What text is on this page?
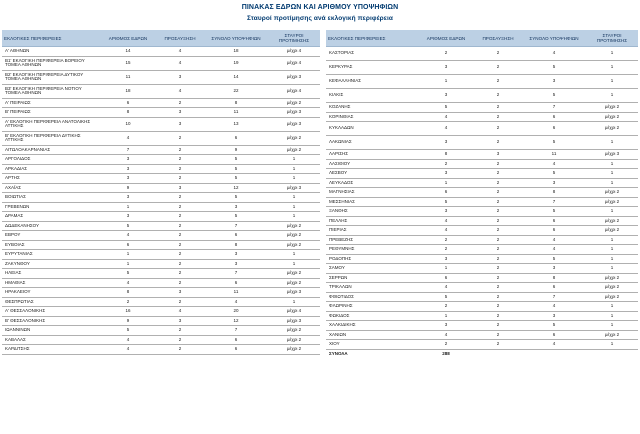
ΠΙΝΑΚΑΣ ΕΔΡΩΝ ΚΑΙ ΑΡΙΘΜΟΥ ΥΠΟΨΗΦΙΩΝ
Σταυροί προτίμησης ανά εκλογική περιφέρεια
ΕΚΛΟΓΙΚΕΣ ΠΕΡΙΦΕΡΕΙΕΣ	ΑΡΙΘΜΟΣ ΕΔΡΩΝ	ΠΡΟΣΑΥΞΗΣΗ	ΣΥΝΟΛΟ ΥΠΟΨΗΦΙΩΝ	ΣΤΑΥΡΟΙ ΠΡΟΤΙΜΗΣΗΣ
Α' ΑΘΗΝΩΝ	14	4	18	μέχρι 4
Β1' ΕΚΛΟΓΙΚΗ ΠΕΡΙΦΕΡΕΙΑ ΒΟΡΕΙΟΥ ΤΟΜΕΑ ΑΘΗΝΩΝ	15	4	19	μέχρι 4
Β2' ΕΚΛΟΓΙΚΗ ΠΕΡΙΦΕΡΕΙΑ ΔΥΤΙΚΟΥ ΤΟΜΕΑ ΑΘΗΝΩΝ	11	3	14	μέχρι 3
Β3' ΕΚΛΟΓΙΚΗ ΠΕΡΙΦΕΡΕΙΑ ΝΟΤΙΟΥ ΤΟΜΕΑ ΑΘΗΝΩΝ	18	4	22	μέχρι 4
Α' ΠΕΙΡΑΙΩΣ	6	2	8	μέχρι 2
Β' ΠΕΙΡΑΙΩΣ	8	3	11	μέχρι 3
Α' ΕΚΛΟΓΙΚΗ ΠΕΡΙΦΕΡΕΙΑ ΑΝΑΤΟΛΙΚΗΣ ΑΤΤΙΚΗΣ	10	3	13	μέχρι 3
Β' ΕΚΛΟΓΙΚΗ ΠΕΡΙΦΕΡΕΙΑ ΔΥΤΙΚΗΣ ΑΤΤΙΚΗΣ	4	2	6	μέχρι 2
ΑΙΤΩΛΟΑΚΑΡΝΑΝΙΑΣ	7	2	9	μέχρι 2
ΑΡΓΟΛΙΔΟΣ	3	2	5	1
ΑΡΚΑΔΙΑΣ	3	2	5	1
ΑΡΤΗΣ	3	2	5	1
ΑΧΑΪΑΣ	9	3	12	μέχρι 3
ΒΟΙΩΤΙΑΣ	3	2	5	1
ΓΡΕΒΕΝΩΝ	1	2	3	1
ΔΡΑΜΑΣ	3	2	5	1
ΔΩΔΕΚΑΝΗΣΟΥ	5	2	7	μέχρι 2
ΕΒΡΟΥ	4	2	6	μέχρι 2
ΕΥΒΟΙΑΣ	6	2	8	μέχρι 2
ΕΥΡΥΤΑΝΙΑΣ	1	2	3	1
ΖΑΚΥΝΘΟΥ	1	2	3	1
ΗΛΕΙΑΣ	5	2	7	μέχρι 2
ΗΜΑΘΙΑΣ	4	2	6	μέχρι 2
ΗΡΑΚΛΕΙΟΥ	8	3	11	μέχρι 3
ΘΕΣΠΡΩΤΙΑΣ	2	2	4	1
Α' ΘΕΣΣΑΛΟΝΙΚΗΣ	16	4	20	μέχρι 4
Β' ΘΕΣΣΑΛΟΝΙΚΗΣ	9	3	12	μέχρι 3
ΙΩΑΝΝΙΝΩΝ	5	2	7	μέχρι 2
ΚΑΒΑΛΑΣ	4	2	6	μέχρι 2
ΚΑΡΔΙΤΣΗΣ	4	2	6	μέχρι 2
ΕΚΛΟΓΙΚΕΣ ΠΕΡΙΦΕΡΕΙΕΣ	ΑΡΙΘΜΟΣ ΕΔΡΩΝ	ΠΡΟΣΑΥΞΗΣΗ	ΣΥΝΟΛΟ ΥΠΟΨΗΦΙΩΝ	ΣΤΑΥΡΟΙ ΠΡΟΤΙΜΗΣΗΣ
ΚΑΣΤΟΡΙΑΣ	2	2	4	1
ΚΕΡΚΥΡΑΣ	3	2	5	1
ΚΕΦΑΛΛΗΝΙΑΣ	1	2	3	1
ΚΙΛΚΙΣ	3	2	5	1
ΚΟΖΑΝΗΣ	5	2	7	μέχρι 2
ΚΟΡΙΝΘΙΑΣ	4	2	6	μέχρι 2
ΚΥΚΛΑΔΩΝ	4	2	6	μέχρι 2
ΛΑΚΩΝΙΑΣ	3	2	5	1
ΛΑΡΙΣΗΣ	8	3	11	μέχρι 3
ΛΑΣΙΘΙΟΥ	2	2	4	1
ΛΕΣΒΟΥ	3	2	5	1
ΛΕΥΚΑΔΟΣ	1	2	3	1
ΜΑΓΝΗΣΙΑΣ	6	2	8	μέχρι 2
ΜΕΣΣΗΝΙΑΣ	5	2	7	μέχρι 2
ΞΑΝΘΗΣ	3	2	5	1
ΠΕΛΛΗΣ	4	2	6	μέχρι 2
ΠΙΕΡΙΑΣ	4	2	6	μέχρι 2
ΠΡΕΒΕΖΗΣ	2	2	4	1
ΡΕΘΥΜΝΗΣ	2	2	4	1
ΡΟΔΟΠΗΣ	3	2	5	1
ΣΑΜΟΥ	1	2	3	1
ΣΕΡΡΩΝ	6	2	8	μέχρι 2
ΤΡΙΚΑΛΩΝ	4	2	6	μέχρι 2
ΦΘΙΩΤΙΔΟΣ	5	2	7	μέχρι 2
ΦΛΩΡΙΝΗΣ	2	2	4	1
ΦΩΚΙΔΟΣ	1	2	3	1
ΧΑΛΚΙΔΙΚΗΣ	3	2	5	1
ΧΑΝΙΩΝ	4	2	6	μέχρι 2
ΧΙΟΥ	2	2	4	1
ΣΥΝΟΛΑ	288			
